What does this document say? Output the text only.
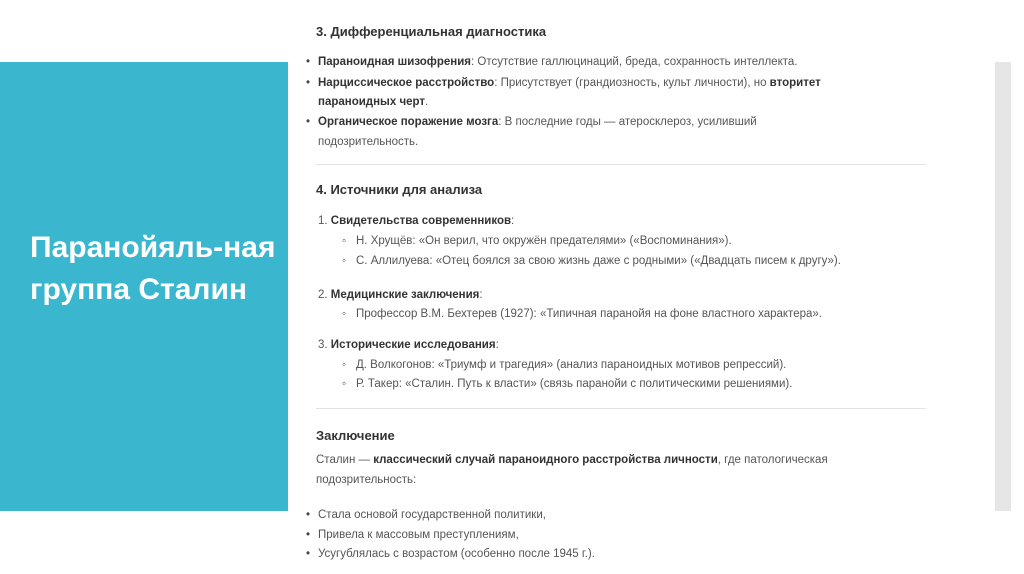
Паранойяль-ная группа Сталин
3. Дифференциальная диагностика
• Параноидная шизофрения: Отсутствие галлюцинаций, бреда, сохранность интеллекта.
• Нарциссическое расстройство: Присутствует (грандиозность, культ личности), но вторитет
параноидных черт.
• Органическое поражение мозга: В последние годы — атеросклероз, усиливший
подозрительность.
4. Источники для анализа
1. Свидетельства современников:
◦ Н. Хрущёв: «Он верил, что окружён предателями» («Воспоминания»).
◦ С. Аллилуева: «Отец боялся за свою жизнь даже с родными» («Двадцать писем к другу»).
2. Медицинские заключения:
◦ Профессор В.М. Бехтерев (1927): «Типичная паранойя на фоне властного характера».
3. Исторические исследования:
◦ Д. Волкогонов: «Триумф и трагедия» (анализ параноидных мотивов репрессий).
◦ Р. Такер: «Сталин. Путь к власти» (связь паранойи с политическими решениями).
Заключение
Сталин — классический случай параноидного расстройства личности, где патологическая
подозрительность:
• Стала основой государственной политики,
• Привела к массовым преступлениям,
• Усугублялась с возрастом (особенно после 1945 г.).
